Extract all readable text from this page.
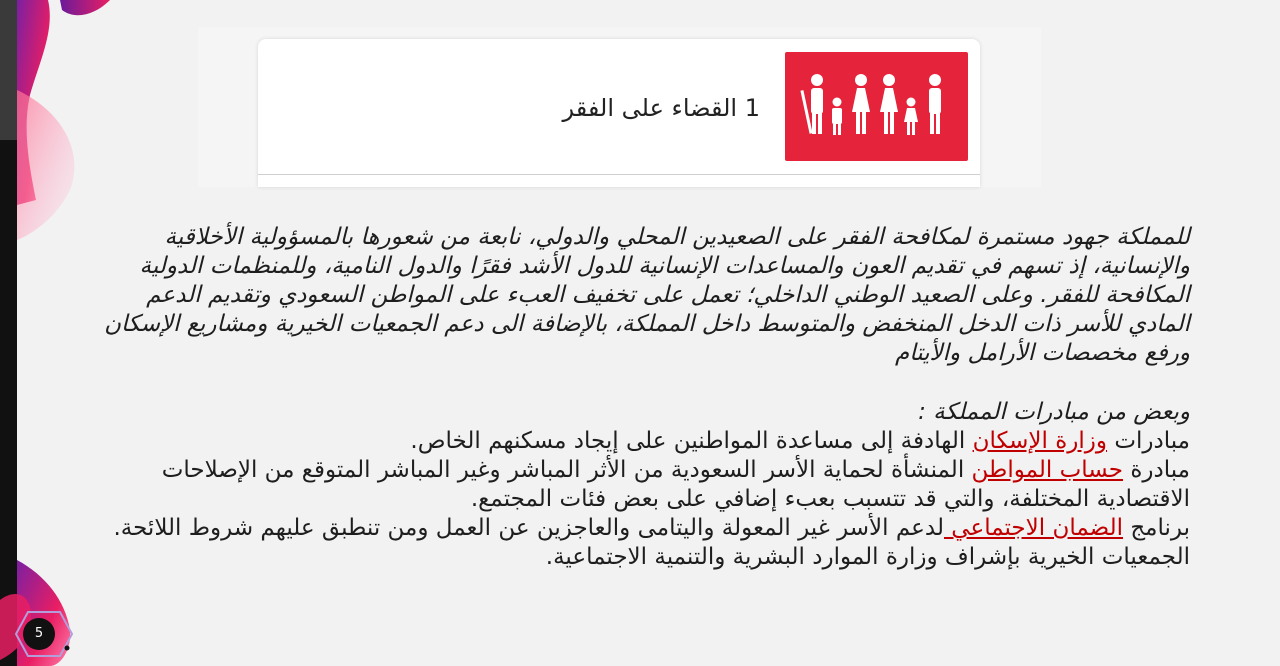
1 القضاء على الفقر
للمملكة جهود مستمرة لمكافحة الفقر على الصعيدين المحلي والدولي، نابعة من شعورها بالمسؤولية الأخلاقية والإنسانية، إذ تسهم في تقديم العون والمساعدات الإنسانية للدول الأشد فقرًا والدول النامية، وللمنظمات الدولية المكافحة للفقر. وعلى الصعيد الوطني الداخلي؛ تعمل على تخفيف العبء على المواطن السعودي وتقديم الدعم المادي للأسر ذات الدخل المنخفض والمتوسط داخل المملكة، بالإضافة الى دعم الجمعيات الخيرية ومشاريع الإسكان ورفع مخصصات الأرامل والأيتام
وبعض من مبادرات المملكة :
مبادرات وزارة الإسكان الهادفة إلى مساعدة المواطنين على إيجاد مسكنهم الخاص.
مبادرة حساب المواطن المنشأة لحماية الأسر السعودية من الأثر المباشر وغير المباشر المتوقع من الإصلاحات الاقتصادية المختلفة، والتي قد تتسبب بعبء إضافي على بعض فئات المجتمع.
برنامج الضمان الاجتماعي لدعم الأسر غير المعولة واليتامى والعاجزين عن العمل ومن تنطبق عليهم شروط اللائحة.
الجمعيات الخيرية بإشراف وزارة الموارد البشرية والتنمية الاجتماعية.
5
